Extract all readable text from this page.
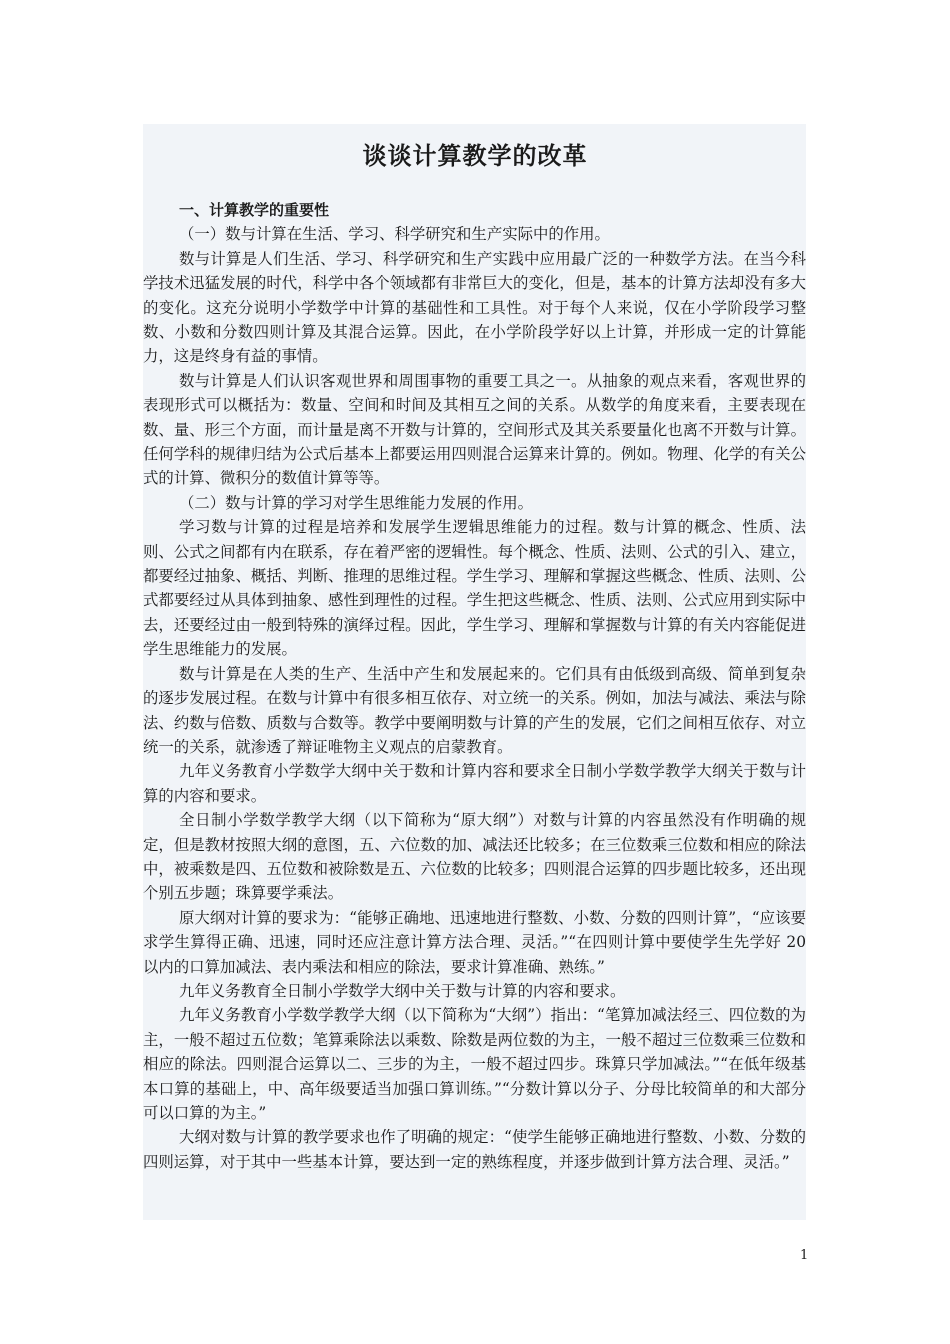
谈谈计算教学的改革

一、计算教学的重要性

（一）数与计算在生活、学习、科学研究和生产实际中的作用。

数与计算是人们生活、学习、科学研究和生产实践中应用最广泛的一种数学方法。在当今科学技术迅猛发展的时代，科学中各个领域都有非常巨大的变化，但是，基本的计算方法却没有多大的变化。这充分说明小学数学中计算的基础性和工具性。对于每个人来说，仅在小学阶段学习整数、小数和分数四则计算及其混合运算。因此，在小学阶段学好以上计算，并形成一定的计算能力，这是终身有益的事情。

数与计算是人们认识客观世界和周围事物的重要工具之一。从抽象的观点来看，客观世界的表现形式可以概括为：数量、空间和时间及其相互之间的关系。从数学的角度来看，主要表现在数、量、形三个方面，而计量是离不开数与计算的，空间形式及其关系要量化也离不开数与计算。任何学科的规律归结为公式后基本上都要运用四则混合运算来计算的。例如。物理、化学的有关公式的计算、微积分的数值计算等等。

（二）数与计算的学习对学生思维能力发展的作用。

学习数与计算的过程是培养和发展学生逻辑思维能力的过程。数与计算的概念、性质、法则、公式之间都有内在联系，存在着严密的逻辑性。每个概念、性质、法则、公式的引入、建立，都要经过抽象、概括、判断、推理的思维过程。学生学习、理解和掌握这些概念、性质、法则、公式都要经过从具体到抽象、感性到理性的过程。学生把这些概念、性质、法则、公式应用到实际中去，还要经过由一般到特殊的演绎过程。因此，学生学习、理解和掌握数与计算的有关内容能促进学生思维能力的发展。

数与计算是在人类的生产、生活中产生和发展起来的。它们具有由低级到高级、简单到复杂的逐步发展过程。在数与计算中有很多相互依存、对立统一的关系。例如，加法与减法、乘法与除法、约数与倍数、质数与合数等。教学中要阐明数与计算的产生的发展，它们之间相互依存、对立统一的关系，就渗透了辩证唯物主义观点的启蒙教育。

九年义务教育小学数学大纲中关于数和计算内容和要求全日制小学数学教学大纲关于数与计算的内容和要求。

全日制小学数学教学大纲（以下简称为“原大纲”）对数与计算的内容虽然没有作明确的规定，但是教材按照大纲的意图，五、六位数的加、减法还比较多；在三位数乘三位数和相应的除法中，被乘数是四、五位数和被除数是五、六位数的比较多；四则混合运算的四步题比较多，还出现个别五步题；珠算要学乘法。

原大纲对计算的要求为：“能够正确地、迅速地进行整数、小数、分数的四则计算”，“应该要求学生算得正确、迅速，同时还应注意计算方法合理、灵活。”“在四则计算中要使学生先学好 20 以内的口算加减法、表内乘法和相应的除法，要求计算准确、熟练。”

九年义务教育全日制小学数学大纲中关于数与计算的内容和要求。

九年义务教育小学数学教学大纲（以下简称为“大纲”）指出：“笔算加减法经三、四位数的为主，一般不超过五位数；笔算乘除法以乘数、除数是两位数的为主，一般不超过三位数乘三位数和相应的除法。四则混合运算以二、三步的为主，一般不超过四步。珠算只学加减法。”“在低年级基本口算的基础上，中、高年级要适当加强口算训练。”“分数计算以分子、分母比较简单的和大部分可以口算的为主。”

大纲对数与计算的教学要求也作了明确的规定：“使学生能够正确地进行整数、小数、分数的四则运算，对于其中一些基本计算，要达到一定的熟练程度，并逐步做到计算方法合理、灵活。”

1
